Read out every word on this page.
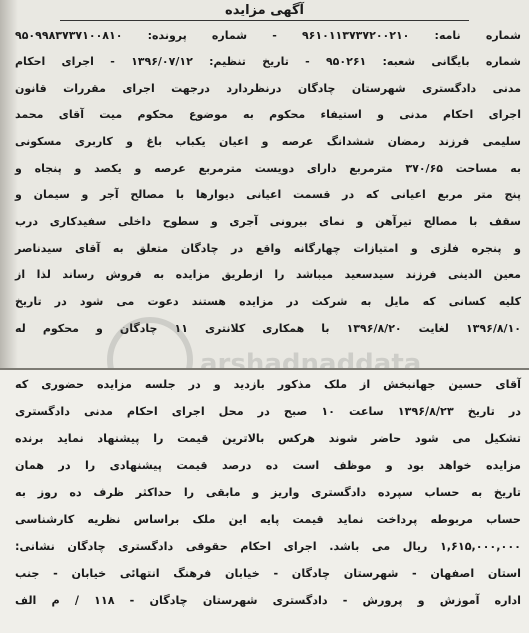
آگهی مزایده
شماره نامه: ۹۶۱۰۱۱۳۷۳۷۲۰۰۲۱۰ - شماره پرونده: ۹۵۰۹۹۸۳۷۳۷۱۰۰۸۱۰
شماره بایگانی شعبه: ۹۵۰۲۶۱ - تاریخ تنظیم: ۱۳۹۶/۰۷/۱۲ - اجرای احکام
مدنی دادگستری شهرستان چادگان درنظردارد درجهت اجرای مقررات قانون
اجرای احکام مدنی و استیفاء محکوم به موضوع محکوم میت آقای محمد
سلیمی فرزند رمضان ششدانگ عرصه و اعیان یکباب باغ و کاربری مسکونی
به مساحت ۳۷۰/۶۵ مترمربع دارای دویست مترمربع عرصه و یکصد و پنجاه و
پنج متر مربع اعیانی که در قسمت اعیانی دیوارها با مصالح آجر و سیمان و
سقف با مصالح تیرآهن و نمای بیرونی آجری و سطوح داخلی سفیدکاری درب
و پنجره فلزی و امتیازات چهارگانه واقع در چادگان متعلق به آقای سیدناصر
معین الدینی فرزند سیدسعید میباشد را ازطریق مزایده به فروش رساند لذا از
کلیه کسانی که مایل به شرکت در مزایده هستند دعوت می شود در تاریخ
۱۳۹۶/۸/۱۰ لغایت ۱۳۹۶/۸/۲۰ با همکاری کلانتری ۱۱ چادگان و محکوم له
arshadnaddata
آقای حسین جهانبخش از ملک مذکور بازدید و در جلسه مزایده حضوری که
در تاریخ ۱۳۹۶/۸/۲۳ ساعت ۱۰ صبح در محل اجرای احکام مدنی دادگستری
تشکیل می شود حاضر شوند هرکس بالاترین قیمت را پیشنهاد نماید برنده
مزایده خواهد بود و موظف است ده درصد قیمت پیشنهادی را در همان
تاریخ به حساب سپرده دادگستری واریز و مابقی را حداکثر ظرف ده روز به
حساب مربوطه پرداخت نماید قیمت پایه این ملک براساس نظریه کارشناسی
۱,۶۱۵,۰۰۰,۰۰۰ ریال می باشد. اجرای احکام حقوقی دادگستری چادگان نشانی:
استان اصفهان - شهرستان چادگان - خیابان فرهنگ انتهائی خیابان - جنب
اداره آموزش و پرورش - دادگستری شهرستان چادگان - ۱۱۸ / م الف
